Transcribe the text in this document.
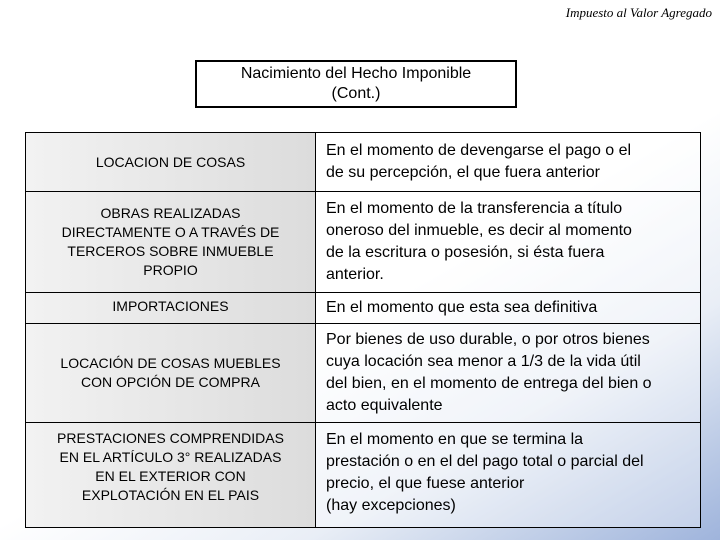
Impuesto al Valor Agregado
Nacimiento del Hecho Imponible
(Cont.)
LOCACION DE COSAS
En el momento de devengarse el pago o el
de su percepción, el que fuera anterior
OBRAS REALIZADAS
DIRECTAMENTE O A TRAVÉS DE
TERCEROS SOBRE INMUEBLE
PROPIO
En el momento de la transferencia a título
oneroso del inmueble, es decir al momento
de la escritura o posesión, si ésta fuera
anterior.
IMPORTACIONES	En el momento que esta sea definitiva
LOCACIÓN DE COSAS MUEBLES
CON OPCIÓN DE COMPRA
Por bienes de uso durable, o por otros bienes
cuya locación sea menor a 1/3 de la vida útil
del bien, en el momento de entrega del bien o
acto equivalente
PRESTACIONES COMPRENDIDAS
EN EL ARTÍCULO 3° REALIZADAS
EN EL EXTERIOR CON
EXPLOTACIÓN EN EL PAIS
En el momento en que se termina la
prestación o en el del pago total o parcial del
precio, el que fuese anterior
(hay excepciones)
